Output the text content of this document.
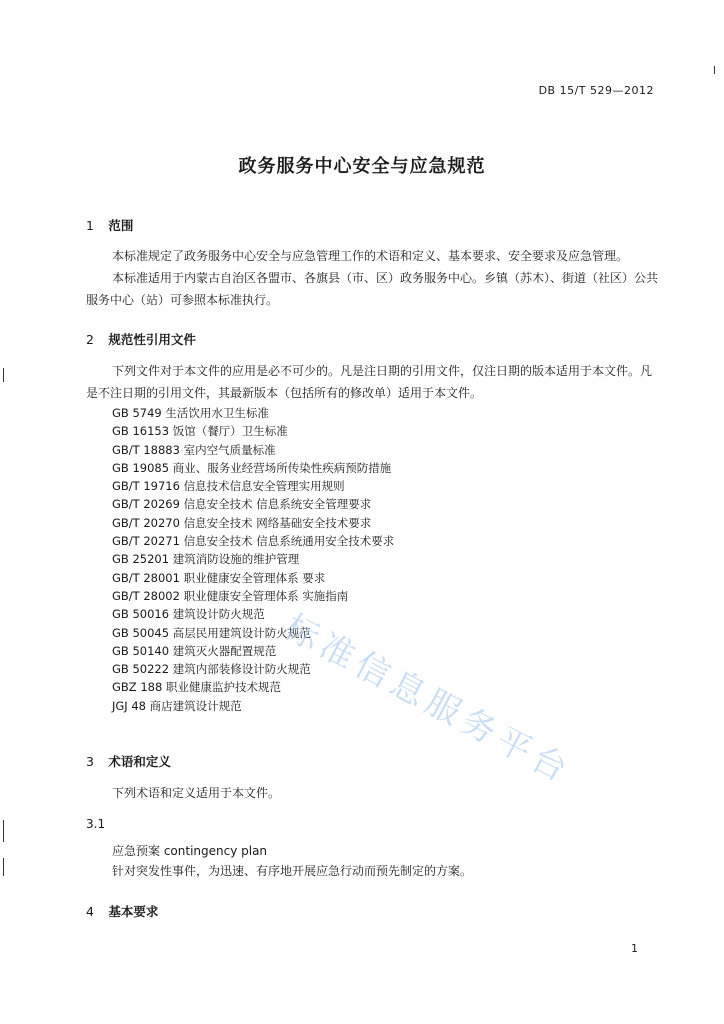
DB 15/T 529—2012
政务服务中心安全与应急规范
1 范围
本标准规定了政务服务中心安全与应急管理工作的术语和定义、基本要求、安全要求及应急管理。
本标准适用于内蒙古自治区各盟市、各旗县（市、区）政务服务中心。乡镇（苏木）、街道（社区）公共服务中心（站）可参照本标准执行。
2 规范性引用文件
下列文件对于本文件的应用是必不可少的。凡是注日期的引用文件，仅注日期的版本适用于本文件。凡是不注日期的引用文件，其最新版本（包括所有的修改单）适用于本文件。
GB 5749 生活饮用水卫生标准
GB 16153 饭馆（餐厅）卫生标准
GB/T 18883 室内空气质量标准
GB 19085 商业、服务业经营场所传染性疾病预防措施
GB/T 19716 信息技术信息安全管理实用规则
GB/T 20269 信息安全技术 信息系统安全管理要求
GB/T 20270 信息安全技术 网络基础安全技术要求
GB/T 20271 信息安全技术 信息系统通用安全技术要求
GB 25201 建筑消防设施的维护管理
GB/T 28001 职业健康安全管理体系 要求
GB/T 28002 职业健康安全管理体系 实施指南
GB 50016 建筑设计防火规范
GB 50045 高层民用建筑设计防火规范
GB 50140 建筑灭火器配置规范
GB 50222 建筑内部装修设计防火规范
GBZ 188 职业健康监护技术规范
JGJ 48 商店建筑设计规范
3 术语和定义
下列术语和定义适用于本文件。
3.1
应急预案 contingency plan
针对突发性事件，为迅速、有序地开展应急行动而预先制定的方案。
4 基本要求
1
标准信息服务平台
